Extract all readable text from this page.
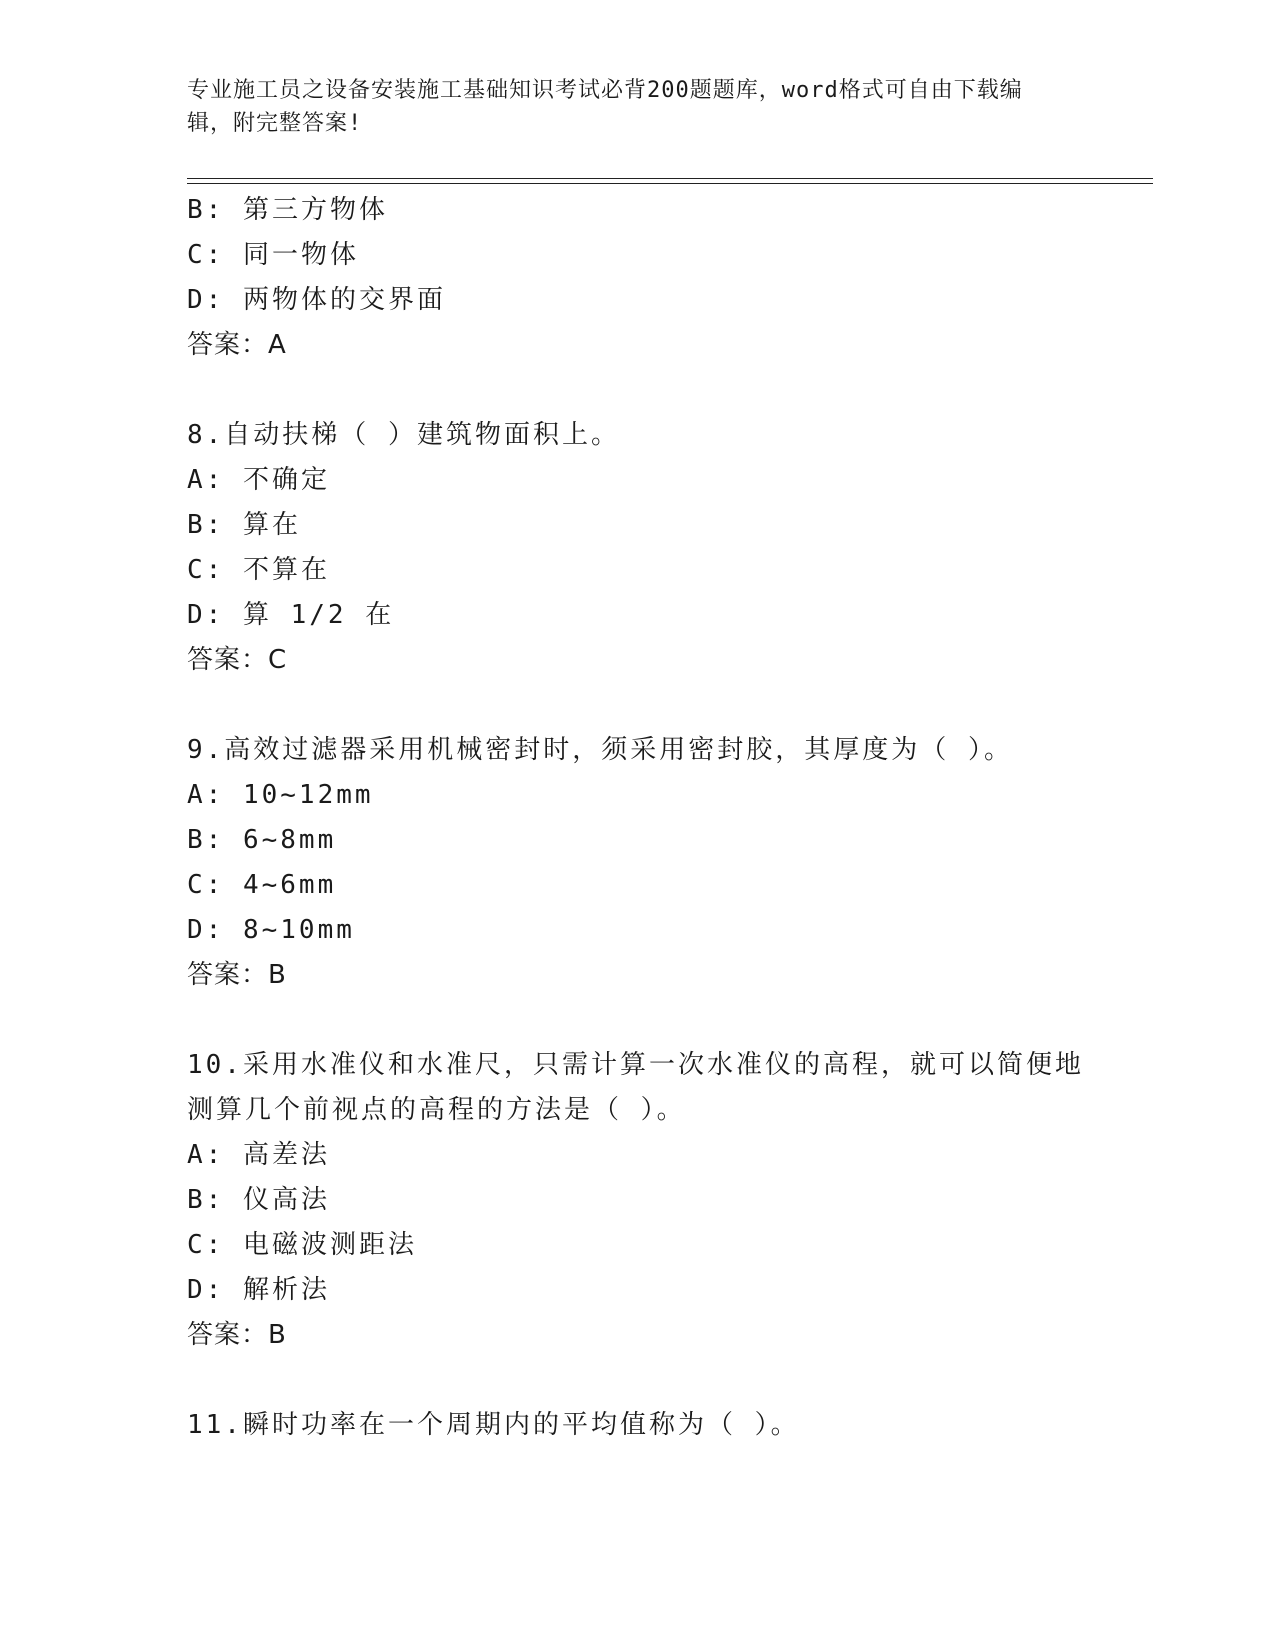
专业施工员之设备安装施工基础知识考试必背200题题库，word格式可自由下载编辑，附完整答案!
B: 第三方物体
C: 同一物体
D: 两物体的交界面
答案：A
8.自动扶梯（ ）建筑物面积上。
A: 不确定
B: 算在
C: 不算在
D: 算 1/2 在
答案：C
9.高效过滤器采用机械密封时，须采用密封胶，其厚度为（ ）。
A: 10~12mm
B: 6~8mm
C: 4~6mm
D: 8~10mm
答案：B
10.采用水准仪和水准尺，只需计算一次水准仪的高程，就可以简便地
测算几个前视点的高程的方法是（ ）。
A: 高差法
B: 仪高法
C: 电磁波测距法
D: 解析法
答案：B
11.瞬时功率在一个周期内的平均值称为（ ）。
